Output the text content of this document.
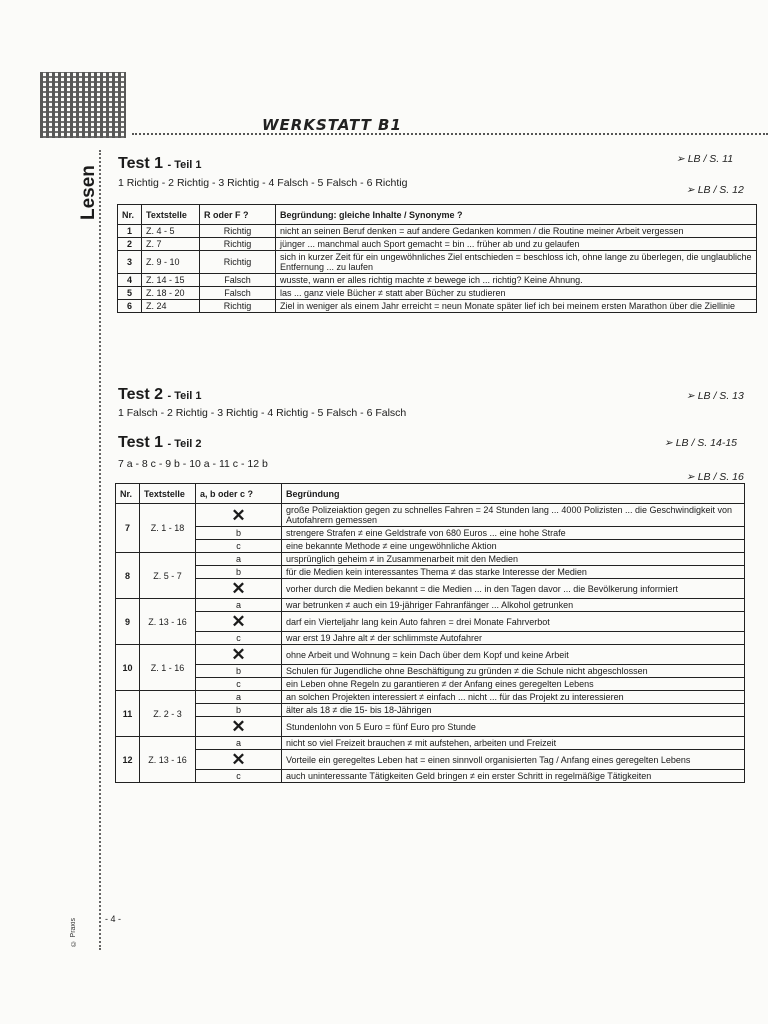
WERKSTATT B1
Lesen
© Praxis	- 4 -
Test 1 - Teil 1	➢ LB / S. 11
1 Richtig - 2 Richtig - 3 Richtig - 4 Falsch - 5 Falsch - 6 Richtig
➢ LB / S. 12
Nr.	Textstelle	R oder F ?	Begründung: gleiche Inhalte / Synonyme ?
1	Z. 4 - 5	Richtig	nicht an seinen Beruf denken = auf andere Gedanken kommen / die Routine meiner Arbeit vergessen
2	Z. 7	Richtig	jünger ... manchmal auch Sport gemacht = bin ... früher ab und zu gelaufen
3	Z. 9 - 10	Richtig	sich in kurzer Zeit für ein ungewöhnliches Ziel entschieden = beschloss ich, ohne lange zu überlegen, die unglaubliche Entfernung ... zu laufen
4	Z. 14 - 15	Falsch	wusste, wann er alles richtig machte ≠ bewege ich ... richtig? Keine Ahnung.
5	Z. 18 - 20	Falsch	las ... ganz viele Bücher ≠ statt aber Bücher zu studieren
6	Z. 24	Richtig	Ziel in weniger als einem Jahr erreicht = neun Monate später lief ich bei meinem ersten Marathon über die Ziellinie
Test 2 - Teil 1	➢ LB / S. 13
1 Falsch - 2 Richtig - 3 Richtig - 4 Richtig - 5 Falsch - 6 Falsch
Test 1 - Teil 2	➢ LB / S. 14-15
7 a - 8 c - 9 b - 10 a - 11 c - 12 b
➢ LB / S. 16
Nr.	Textstelle	a, b oder c ?	Begründung
7	Z. 1 - 18	✕	große Polizeiaktion gegen zu schnelles Fahren = 24 Stunden lang ... 4000 Polizisten ... die Geschwindigkeit von Autofahrern gemessen
		b	strengere Strafen ≠ eine Geldstrafe von 680 Euros ... eine hohe Strafe
		c	eine bekannte Methode ≠ eine ungewöhnliche Aktion
8	Z. 5 - 7	a	ursprünglich geheim ≠ in Zusammenarbeit mit den Medien
		b	für die Medien kein interessantes Thema ≠ das starke Interesse der Medien
		✕	vorher durch die Medien bekannt = die Medien ... in den Tagen davor ... die Bevölkerung informiert
9	Z. 13 - 16	a	war betrunken ≠ auch ein 19-jähriger Fahranfänger ... Alkohol getrunken
		✕	darf ein Vierteljahr lang kein Auto fahren = drei Monate Fahrverbot
		c	war erst 19 Jahre alt ≠ der schlimmste Autofahrer
10	Z. 1 - 16	✕	ohne Arbeit und Wohnung = kein Dach über dem Kopf und keine Arbeit
		b	Schulen für Jugendliche ohne Beschäftigung zu gründen ≠ die Schule nicht abgeschlossen
		c	ein Leben ohne Regeln zu garantieren ≠ der Anfang eines geregelten Lebens
11	Z. 2 - 3	a	an solchen Projekten interessiert ≠ einfach ... nicht ... für das Projekt zu interessieren
		b	älter als 18 ≠ die 15- bis 18-Jährigen
		✕	Stundenlohn von 5 Euro = fünf Euro pro Stunde
12	Z. 13 - 16	a	nicht so viel Freizeit brauchen ≠ mit aufstehen, arbeiten und Freizeit
		✕	Vorteile ein geregeltes Leben hat = einen sinnvoll organisierten Tag / Anfang eines geregelten Lebens
		c	auch uninteressante Tätigkeiten Geld bringen ≠ ein erster Schritt in regelmäßige Tätigkeiten
